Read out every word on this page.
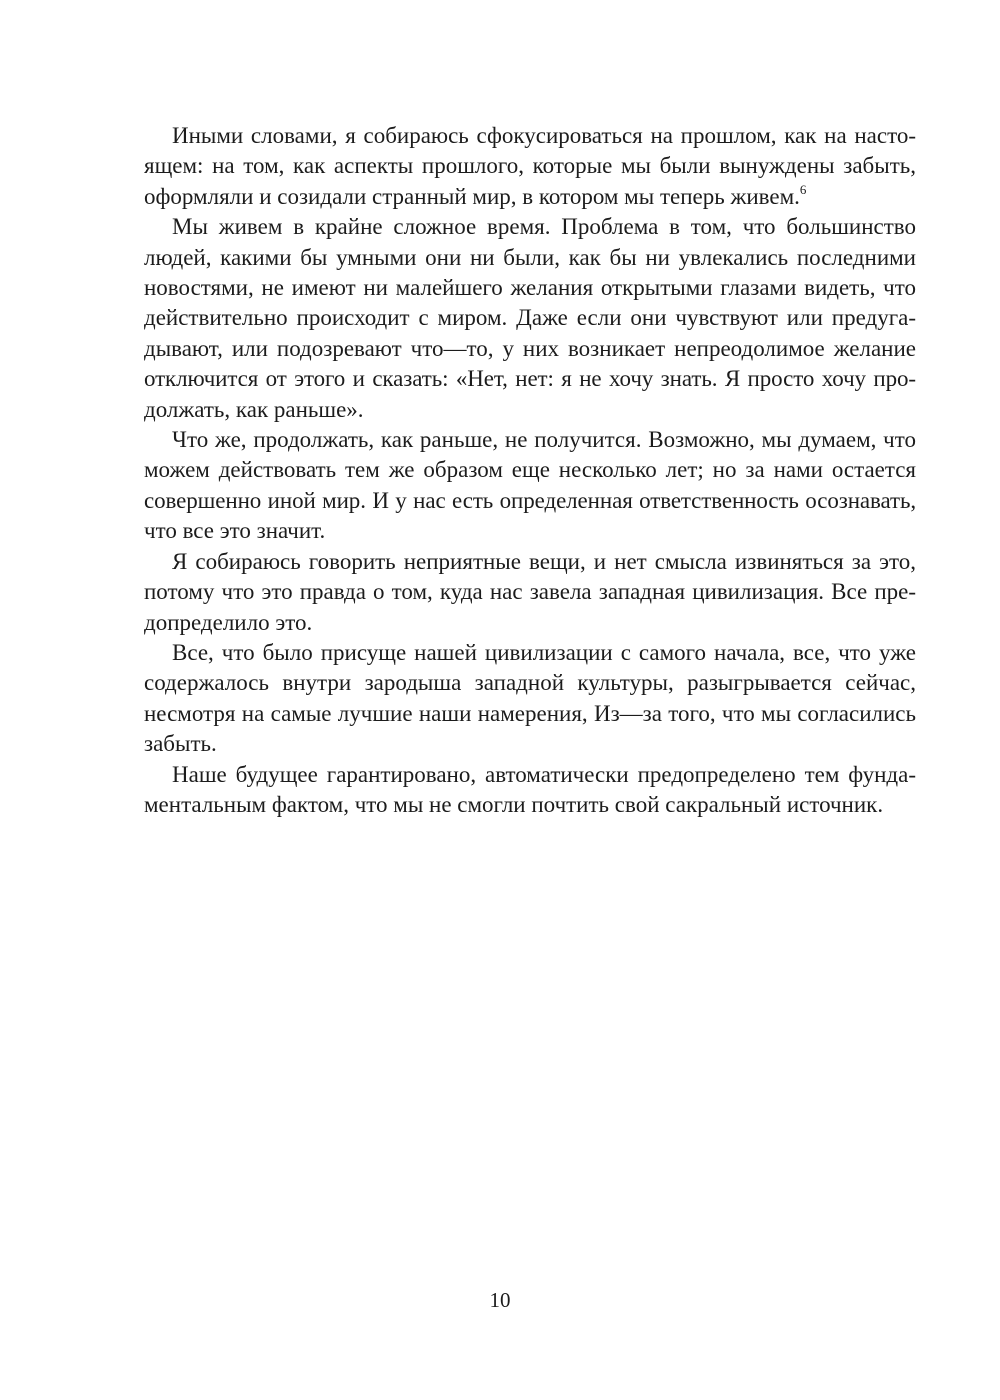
Иными словами, я собираюсь сфокусироваться на прошлом, как на насто-
ящем: на том, как аспекты прошлого, которые мы были вынуждены забыть,
оформляли и созидали странный мир, в котором мы теперь живем.$^6$

Мы живем в крайне сложное время. Проблема в том, что большинство
людей, какими бы умными они ни были, как бы ни увлекались последними
новостями, не имеют ни малейшего желания открытыми глазами видеть, что
действительно происходит с миром. Даже если они чувствуют или предуга-
дывают, или подозревают что—то, у них возникает непреодолимое желание
отключится от этого и сказать: «Нет, нет: я не хочу знать. Я просто хочу про-
должать, как раньше».

Что же, продолжать, как раньше, не получится. Возможно, мы думаем, что
можем действовать тем же образом еще несколько лет; но за нами остается
совершенно иной мир. И у нас есть определенная ответственность осознавать,
что все это значит.

Я собираюсь говорить неприятные вещи, и нет смысла извиняться за это,
потому что это правда о том, куда нас завела западная цивилизация. Все пре-
допределило это.

Все, что было присуще нашей цивилизации с самого начала, все, что уже
содержалось внутри зародыша западной культуры, разыгрывается сейчас,
несмотря на самые лучшие наши намерения, Из—за того, что мы согласились
забыть.

Наше будущее гарантировано, автоматически предопределено тем фунда-
ментальным фактом, что мы не смогли почтить свой сакральный источник.

10
